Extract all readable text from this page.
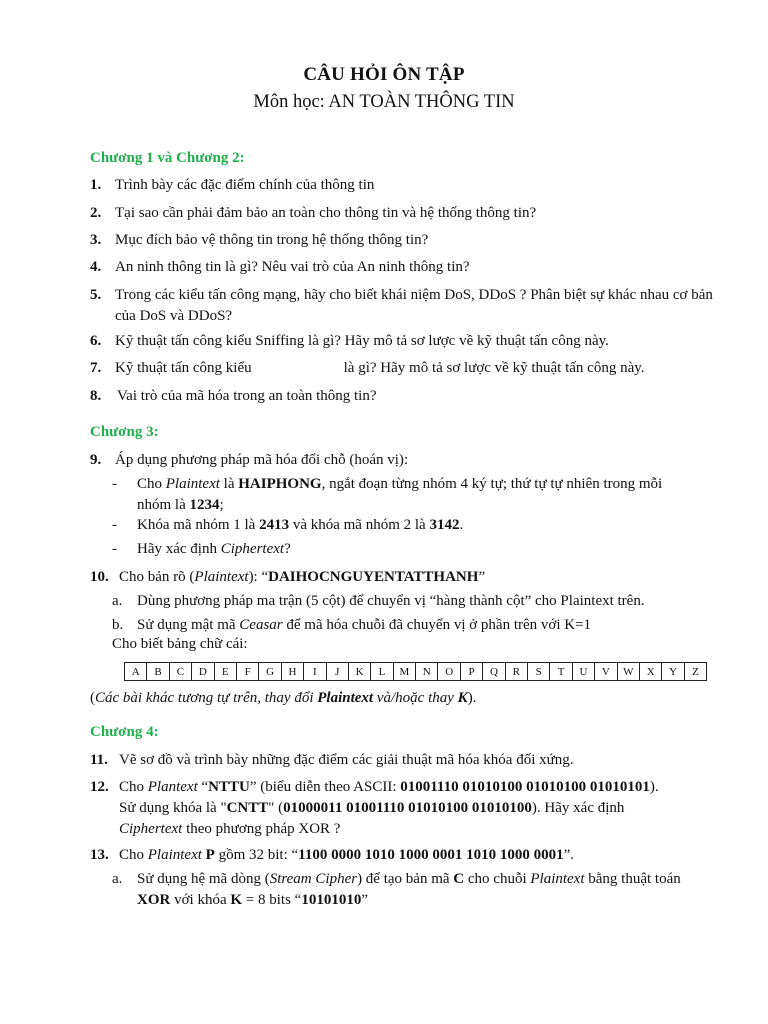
CÂU HỎI ÔN TẬP
Môn học: AN TOÀN THÔNG TIN
Chương 1 và Chương 2:
1. Trình bày các đặc điểm chính của thông tin
2. Tại sao cần phải đảm bảo an toàn cho thông tin và hệ thống thông tin?
3. Mục đích bảo vệ thông tin trong hệ thống thông tin?
4. An ninh thông tin là gì? Nêu vai trò của An ninh thông tin?
5. Trong các kiểu tấn công mạng, hãy cho biết khái niệm DoS, DDoS ? Phân biệt sự khác nhau cơ bản của DoS và DDoS?
6. Kỹ thuật tấn công kiểu Sniffing là gì? Hãy mô tả sơ lược về kỹ thuật tấn công này.
7. Kỹ thuật tấn công kiểu	là gì? Hãy mô tả sơ lược về kỹ thuật tấn công này.
8. Vai trò của mã hóa trong an toàn thông tin?
Chương 3:
9. Áp dụng phương pháp mã hóa đổi chỗ (hoán vị):
- Cho Plaintext là HAIPHONG, ngắt đoạn từng nhóm 4 ký tự; thứ tự tự nhiên trong mỗi nhóm là 1234;
- Khóa mã nhóm 1 là 2413 và khóa mã nhóm 2 là 3142.
- Hãy xác định Ciphertext?
10. Cho bản rõ (Plaintext): “DAIHOCNGUYENTATTHANH”
a. Dùng phương pháp ma trận (5 cột) để chuyển vị “hàng thành cột” cho Plaintext trên.
b. Sử dụng mật mã Ceasar để mã hóa chuỗi đã chuyển vị ở phần trên với K=1
Cho biết bảng chữ cái:
A	B	C	D	E	F	G	H	I	J	K	L	M	N	O	P	Q	R	S	T	U	V	W	X	Y	Z
(Các bài khác tương tự trên, thay đổi Plaintext và/hoặc thay K).
Chương 4:
11. Vẽ sơ đồ và trình bày những đặc điểm các giải thuật mã hóa khóa đối xứng.
12. Cho Plantext “NTTU” (biểu diễn theo ASCII: 01001110 01010100 01010100 01010101).
Sử dụng khóa là "CNTT" (01000011 01001110 01010100 01010100). Hãy xác định
Ciphertext theo phương pháp XOR ?
13. Cho Plaintext P gồm 32 bit: “1100 0000 1010 1000 0001 1010 1000 0001”.
a. Sử dụng hệ mã dòng (Stream Cipher) để tạo bản mã C cho chuỗi Plaintext bằng thuật toán
XOR với khóa K = 8 bits “10101010”
